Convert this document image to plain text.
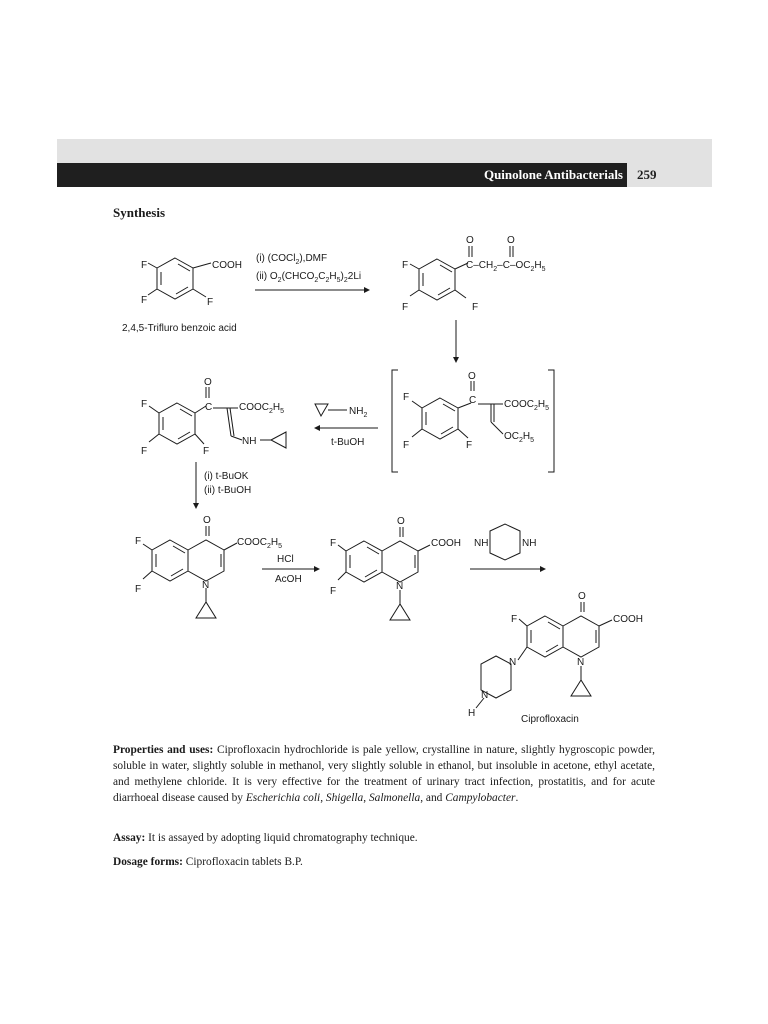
Quinolone Antibacterials 259
Synthesis
F
F	F
COOH
2,4,5-Trifluro benzoic acid
(i) (COCl$_2$),DMF
(ii) $O_2(CHCO_2C_2H_5)_22Li$
F
F	F
O	O
$C-CH_2-C-OC_2H_5$
F
F	F
O
C	$COOC_2H_5$
$OC_2H_5$
$NH_2$
t-BuOH
F
F	F
O
C	$COOC_2H_5$
NH
(i) t-BuOK
(ii) t-BuOH
O
$COOC_2H_5$
F
F	N
HCl
AcOH
O
COOH
F
F	N
NH	NH
O
COOH
F
N
N
N
H
Ciprofloxacin

Properties and uses: Ciprofloxacin hydrochloride is pale yellow, crystalline in nature, slightly hygroscopic powder, soluble in water, slightly soluble in methanol, very slightly soluble in ethanol, but insoluble in acetone, ethyl acetate, and methylene chloride. It is very effective for the treatment of urinary tract infection, prostatitis, and for acute diarrhoeal disease caused by Escherichia coli, Shigella, Salmonella, and Campylobacter.

Assay: It is assayed by adopting liquid chromatography technique.

Dosage forms: Ciprofloxacin tablets B.P.
